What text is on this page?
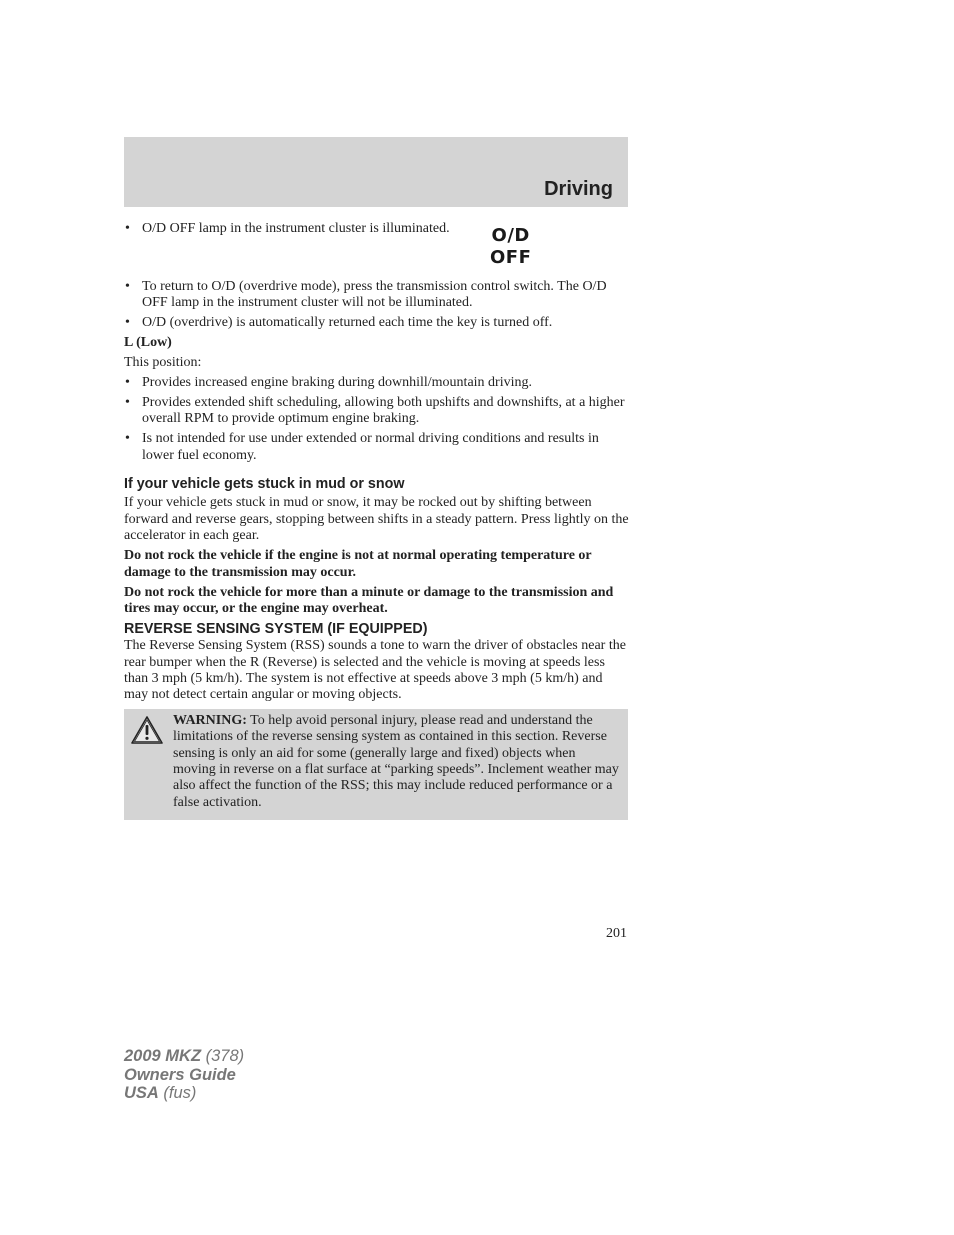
Driving
• O/D OFF lamp in the instrument cluster is illuminated.	O/D
OFF
• To return to O/D (overdrive mode), press the transmission control switch. The O/D OFF lamp in the instrument cluster will not be illuminated.
• O/D (overdrive) is automatically returned each time the key is turned off.

L (Low)

This position:

• Provides increased engine braking during downhill/mountain driving.
• Provides extended shift scheduling, allowing both upshifts and downshifts, at a higher overall RPM to provide optimum engine braking.
• Is not intended for use under extended or normal driving conditions and results in lower fuel economy.
If your vehicle gets stuck in mud or snow

If your vehicle gets stuck in mud or snow, it may be rocked out by shifting between forward and reverse gears, stopping between shifts in a steady pattern. Press lightly on the accelerator in each gear.

Do not rock the vehicle if the engine is not at normal operating temperature or damage to the transmission may occur.

Do not rock the vehicle for more than a minute or damage to the transmission and tires may occur, or the engine may overheat.

REVERSE SENSING SYSTEM (IF EQUIPPED)

The Reverse Sensing System (RSS) sounds a tone to warn the driver of obstacles near the rear bumper when the R (Reverse) is selected and the vehicle is moving at speeds less than 3 mph (5 km/h). The system is not effective at speeds above 3 mph (5 km/h) and may not detect certain angular or moving objects.

WARNING: To help avoid personal injury, please read and understand the limitations of the reverse sensing system as contained in this section. Reverse sensing is only an aid for some (generally large and fixed) objects when moving in reverse on a flat surface at “parking speeds”. Inclement weather may also affect the function of the RSS; this may include reduced performance or a false activation.
201
2009 MKZ (378)
Owners Guide
USA (fus)
